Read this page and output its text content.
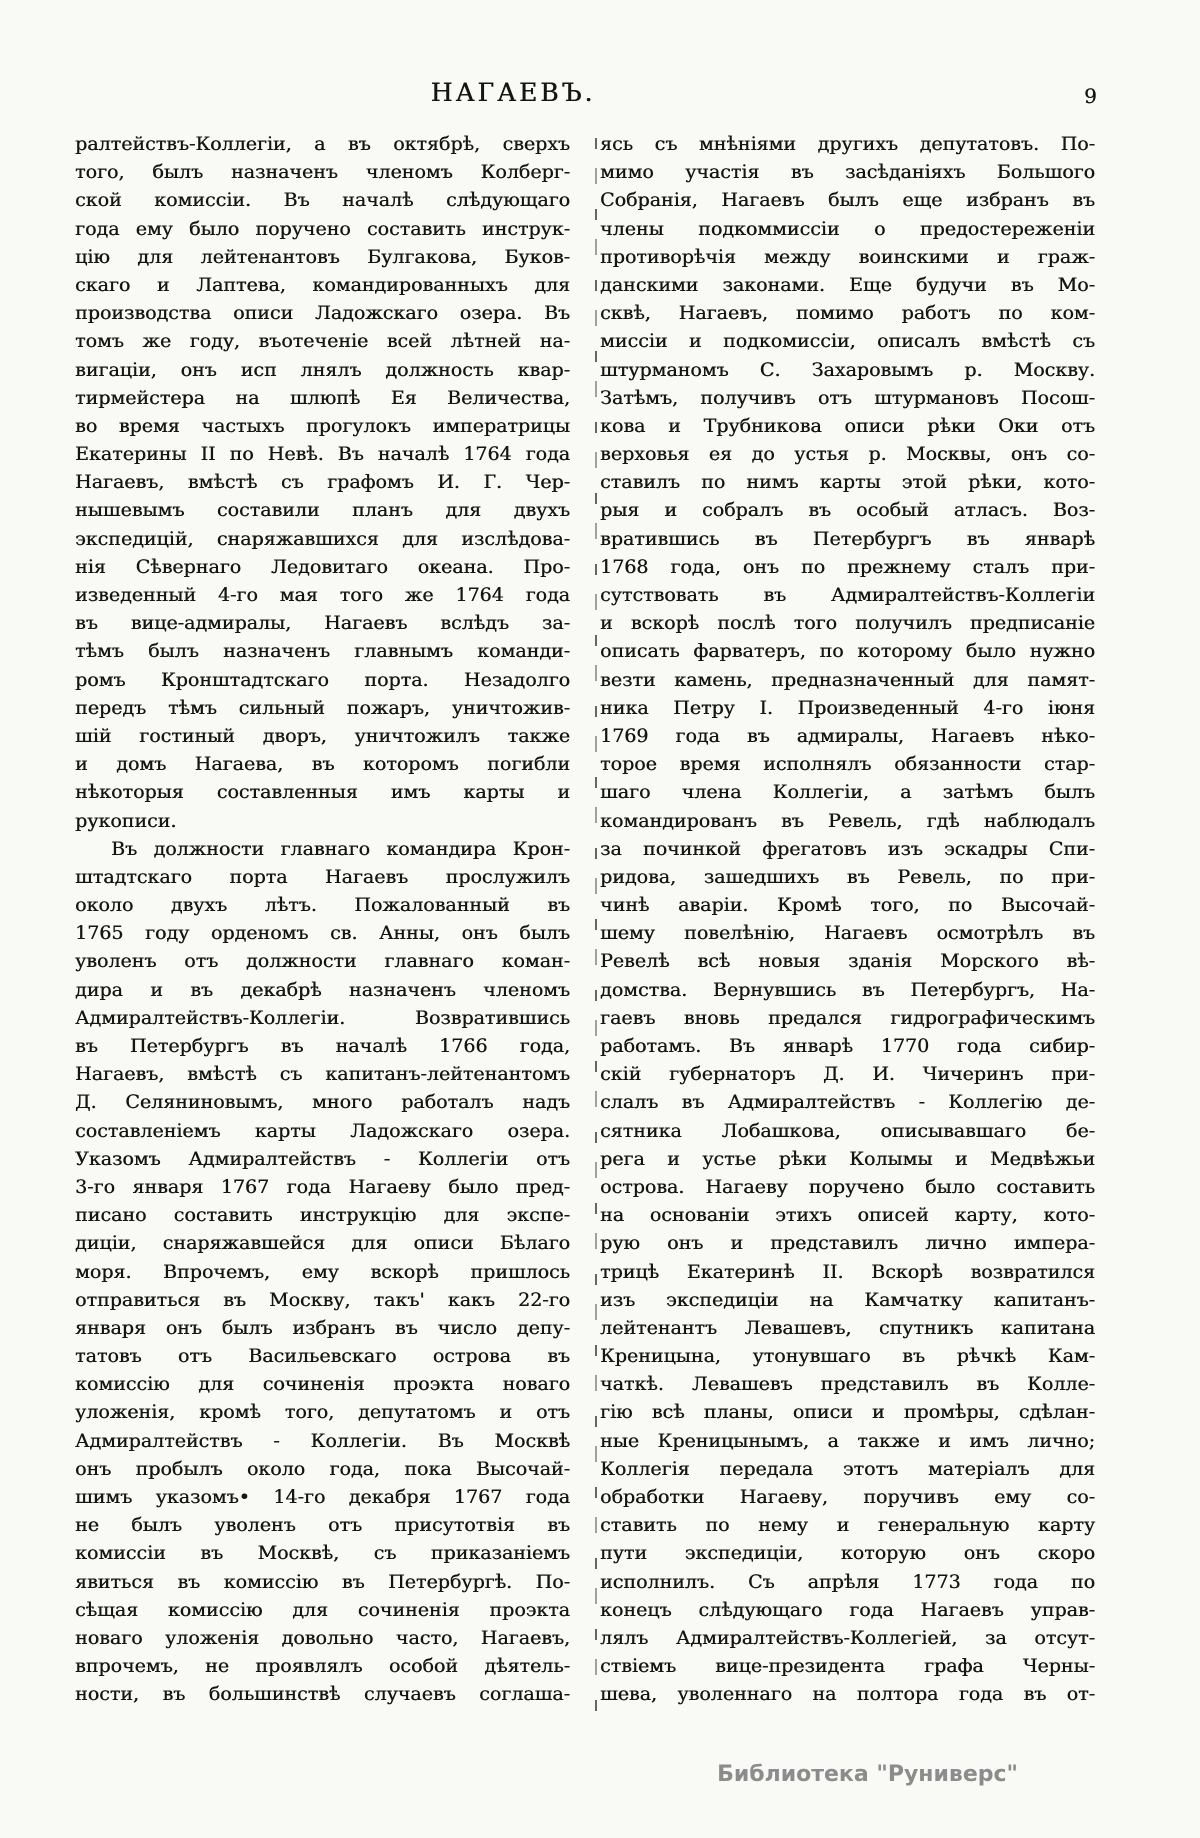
НАГАЕВЪ.	9
ралтействъ-Коллегіи, а въ октябрѣ, сверхъ
того, былъ назначенъ членомъ Колберг-
ской комиссіи. Въ началѣ слѣдующаго
года ему было поручено составить инструк-
цію для лейтенантовъ Булгакова, Буков-
скаго и Лаптева, командированныхъ для
производства описи Ладожскаго озера. Въ
томъ же году, въотеченіе всей лѣтней на-
вигаціи, онъ исп лнялъ должность квар-
тирмейстера на шлюпѣ Ея Величества,
во время частыхъ прогулокъ императрицы
Екатерины II по Невѣ. Въ началѣ 1764 года
Нагаевъ, вмѣстѣ съ графомъ И. Г. Чер-
нышевымъ составили планъ для двухъ
экспедицій, снаряжавшихся для изслѣдова-
нія Сѣвернаго Ледовитаго океана. Про-
изведенный 4-го мая того же 1764 года
въ вице-адмиралы, Нагаевъ вслѣдъ за-
тѣмъ былъ назначенъ главнымъ команди-
ромъ Кронштадтскаго порта. Незадолго
передъ тѣмъ сильный пожаръ, уничтожив-
шій гостиный дворъ, уничтожилъ также
и домъ Нагаева, въ которомъ погибли
нѣкоторыя составленныя имъ карты и
рукописи.
Въ должности главнаго командира Крон-
штадтскаго порта Нагаевъ прослужилъ
около двухъ лѣтъ. Пожалованный въ
1765 году орденомъ св. Анны, онъ былъ
уволенъ отъ должности главнаго коман-
дира и въ декабрѣ назначенъ членомъ
Адмиралтействъ-Коллегіи. Возвратившись
въ Петербургъ въ началѣ 1766 года,
Нагаевъ, вмѣстѣ съ капитанъ-лейтенантомъ
Д. Селяниновымъ, много работалъ надъ
составленіемъ карты Ладожскаго озера.
Указомъ Адмиралтействъ - Коллегіи отъ
3-го января 1767 года Нагаеву было пред-
писано составить инструкцію для экспе-
диціи, снаряжавшейся для описи Бѣлаго
моря. Впрочемъ, ему вскорѣ пришлось
отправиться въ Москву, такъ' какъ 22-го
января онъ былъ избранъ въ число депу-
татовъ отъ Васильевскаго острова въ
комиссію для сочиненія проэкта новаго
уложенія, кромѣ того, депутатомъ и отъ
Адмиралтействъ - Коллегіи. Въ Москвѣ
онъ пробылъ около года, пока Высочай-
шимъ указомъ• 14-го декабря 1767 года
не былъ уволенъ отъ присутотвія въ
комиссіи въ Москвѣ, съ приказаніемъ
явиться въ комиссію въ Петербургѣ. По-
сѣщая комиссію для сочиненія проэкта
новаго уложенія довольно часто, Нагаевъ,
впрочемъ, не проявлялъ особой дѣятель-
ности, въ большинствѣ случаевъ соглаша-
ясь съ мнѣніями другихъ депутатовъ. По-
мимо участія въ засѣданіяхъ Большого
Собранія, Нагаевъ былъ еще избранъ въ
члены подкоммиссіи о предостереженіи
противорѣчія между воинскими и граж-
данскими законами. Еще будучи въ Мо-
сквѣ, Нагаевъ, помимо работъ по ком-
миссіи и подкомиссіи, описалъ вмѣстѣ съ
штурманомъ С. Захаровымъ р. Москву.
Затѣмъ, получивъ отъ штурмановъ Посош-
кова и Трубникова описи рѣки Оки отъ
верховья ея до устья р. Москвы, онъ со-
ставилъ по нимъ карты этой рѣки, кото-
рыя и собралъ въ особый атласъ. Воз-
вратившись въ Петербургъ въ январѣ
1768 года, онъ по прежнему сталъ при-
сутствовать въ Адмиралтействъ-Коллегіи
и вскорѣ послѣ того получилъ предписаніе
описать фарватеръ, по которому было нужно
везти камень, предназначенный для памят-
ника Петру I. Произведенный 4-го іюня
1769 года въ адмиралы, Нагаевъ нѣко-
торое время исполнялъ обязанности стар-
шаго члена Коллегіи, а затѣмъ былъ
командированъ въ Ревель, гдѣ наблюдалъ
за починкой фрегатовъ изъ эскадры Спи-
ридова, зашедшихъ въ Ревель, по при-
чинѣ аваріи. Кромѣ того, по Высочай-
шему повелѣнію, Нагаевъ осмотрѣлъ въ
Ревелѣ всѣ новыя зданія Морского вѣ-
домства. Вернувшись въ Петербургъ, На-
гаевъ вновь предался гидрографическимъ
работамъ. Въ январѣ 1770 года сибир-
скій губернаторъ Д. И. Чичеринъ при-
слалъ въ Адмиралтействъ - Коллегію де-
сятника Лобашкова, описывавшаго бе-
рега и устье рѣки Колымы и Медвѣжьи
острова. Нагаеву поручено было составить
на основаніи этихъ описей карту, кото-
рую онъ и представилъ лично импера-
трицѣ Екатеринѣ II. Вскорѣ возвратился
изъ экспедиціи на Камчатку капитанъ-
лейтенантъ Левашевъ, спутникъ капитана
Креницына, утонувшаго въ рѣчкѣ Кам-
чаткѣ. Левашевъ представилъ въ Колле-
гію всѣ планы, описи и промѣры, сдѣлан-
ные Креницынымъ, а также и имъ лично;
Коллегія передала этотъ матеріалъ для
обработки Нагаеву, поручивъ ему со-
ставить по нему и генеральную карту
пути экспедиціи, которую онъ скоро
исполнилъ. Съ апрѣля 1773 года по
конецъ слѣдующаго года Нагаевъ управ-
лялъ Адмиралтействъ-Коллегіей, за отсут-
ствіемъ вице-президента графа Черны-
шева, уволеннаго на полтора года въ от-
Библиотека "Руниверс"
